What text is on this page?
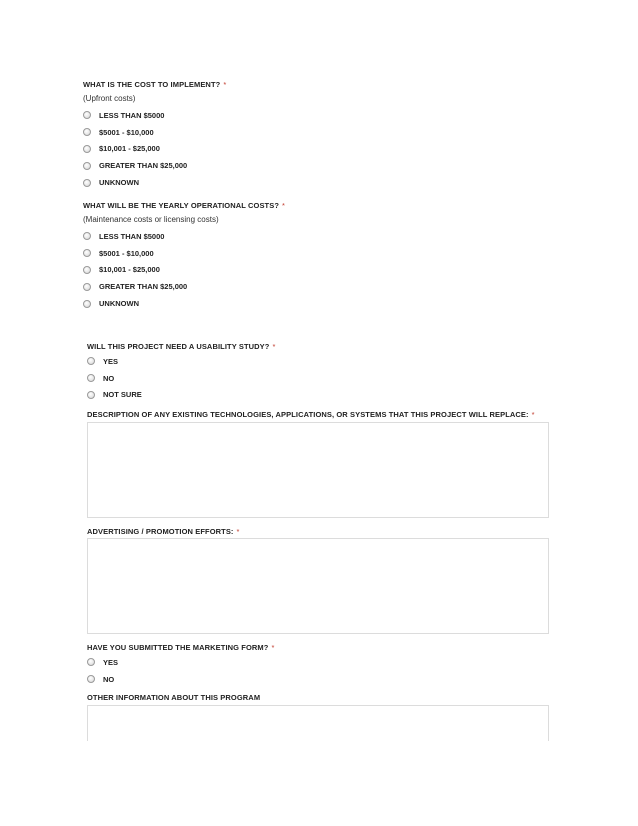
WHAT IS THE COST TO IMPLEMENT? *
(Upfront costs)
LESS THAN $5000
$5001 - $10,000
$10,001 - $25,000
GREATER THAN $25,000
UNKNOWN
WHAT WILL BE THE YEARLY OPERATIONAL COSTS? *
(Maintenance costs or licensing costs)
LESS THAN $5000
$5001 - $10,000
$10,001 - $25,000
GREATER THAN $25,000
UNKNOWN
WILL THIS PROJECT NEED A USABILITY STUDY? *
YES
NO
NOT SURE
DESCRIPTION OF ANY EXISTING TECHNOLOGIES, APPLICATIONS, OR SYSTEMS THAT THIS PROJECT WILL REPLACE: *
ADVERTISING / PROMOTION EFFORTS: *
HAVE YOU SUBMITTED THE MARKETING FORM? *
YES
NO
OTHER INFORMATION ABOUT THIS PROGRAM
